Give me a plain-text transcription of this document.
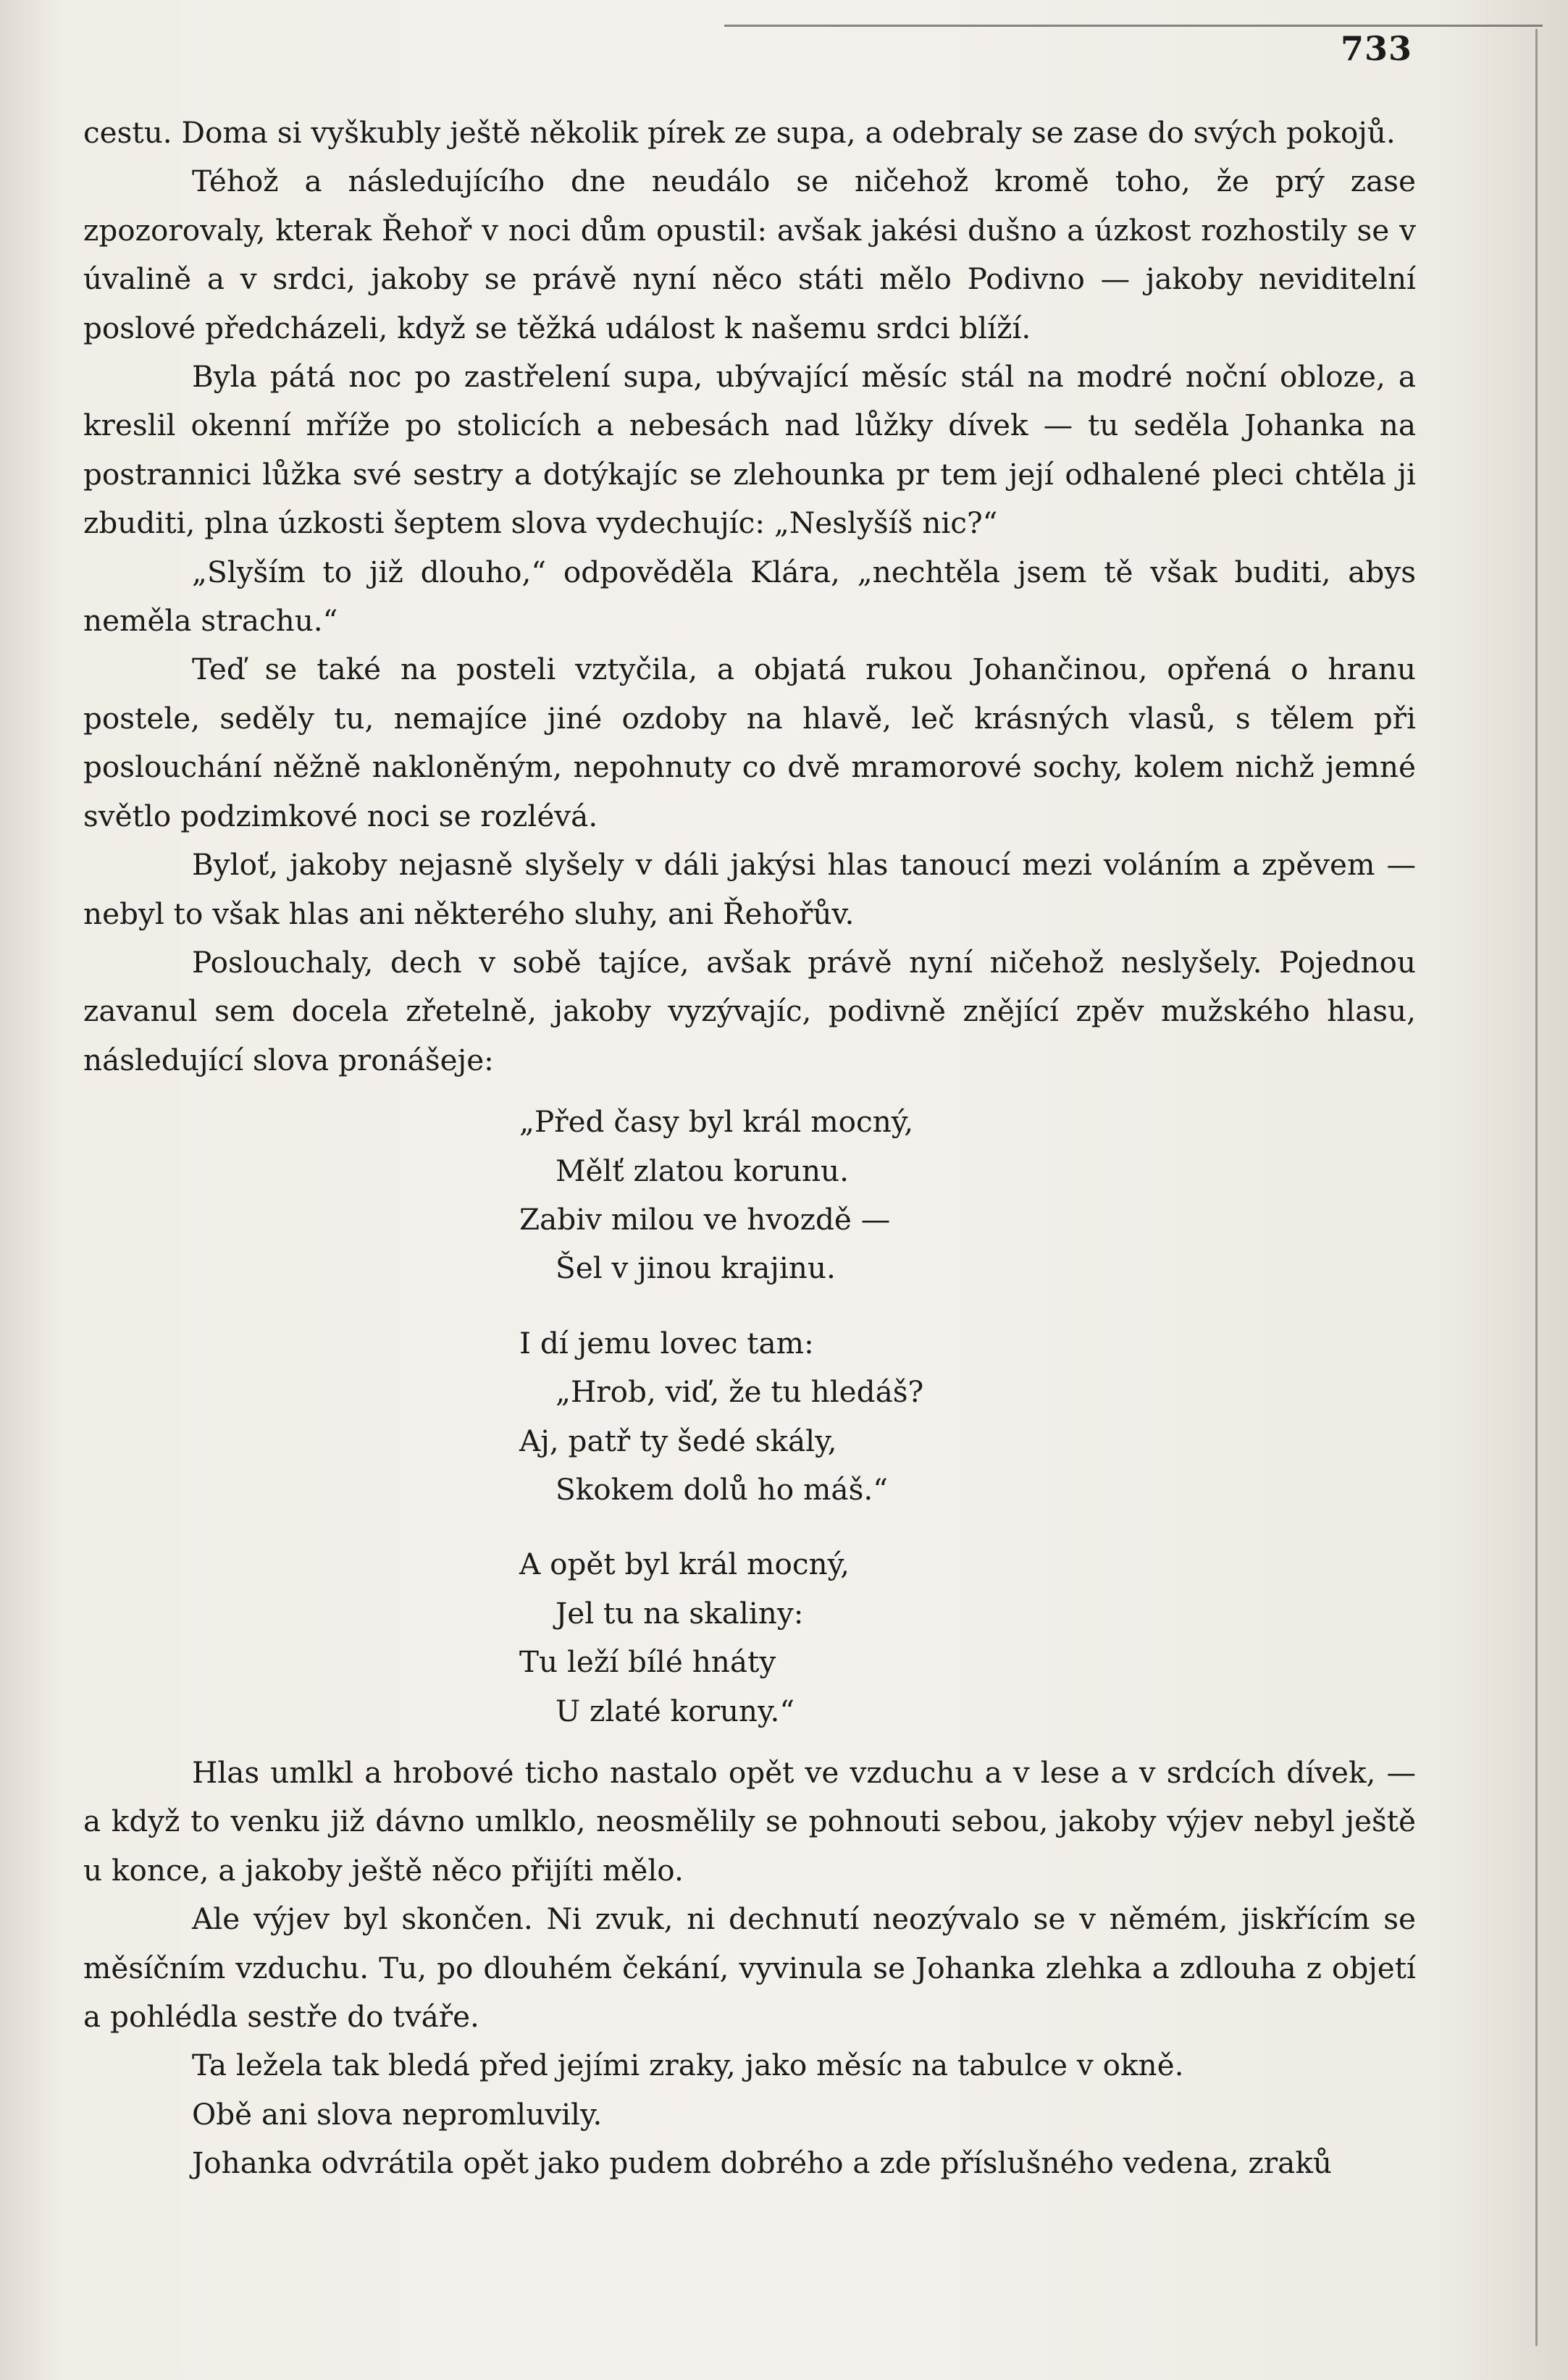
733

cestu. Doma si vyškubly ještě několik pírek ze supa, a odebraly se zase do svých pokojů.

Téhož a následujícího dne neudálo se ničehož kromě toho, že prý zase zpozorovaly, kterak Řehoř v noci dům opustil: avšak jakési dušno a úzkost rozhostily se v úvalině a v srdci, jakoby se právě nyní něco státi mělo Podivno — jakoby neviditelní poslové předcházeli, když se těžká událost k našemu srdci blíží.

Byla pátá noc po zastřelení supa, ubývající měsíc stál na modré noční obloze, a kreslil okenní mříže po stolicích a nebesách nad lůžky dívek — tu seděla Johanka na postrannici lůžka své sestry a dotýkajíc se zlehounka pr tem její odhalené pleci chtěla ji zbuditi, plna úzkosti šeptem slova vydechujíc: „Neslyšíš nic?“

„Slyším to již dlouho,“ odpověděla Klára, „nechtěla jsem tě však buditi, abys neměla strachu.“

Teď se také na posteli vztyčila, a objatá rukou Johančinou, opřená o hranu postele, seděly tu, nemajíce jiné ozdoby na hlavě, leč krásných vlasů, s tělem při poslouchání něžně nakloněným, nepohnuty co dvě mramorové sochy, kolem nichž jemné světlo podzimkové noci se rozlévá.

Byloť, jakoby nejasně slyšely v dáli jakýsi hlas tanoucí mezi voláním a zpěvem — nebyl to však hlas ani některého sluhy, ani Řehořův.

Poslouchaly, dech v sobě tajíce, avšak právě nyní ničehož neslyšely. Pojednou zavanul sem docela zřetelně, jakoby vyzývajíc, podivně znějící zpěv mužského hlasu, následující slova pronášeje:

„Před časy byl král mocný,
Mělť zlatou korunu.
Zabiv milou ve hvozdě —
Šel v jinou krajinu.
I dí jemu lovec tam:
„Hrob, viď, že tu hledáš?
Aj, patř ty šedé skály,
Skokem dolů ho máš.“
A opět byl král mocný,
Jel tu na skaliny:
Tu leží bílé hnáty
U zlaté koruny.“

Hlas umlkl a hrobové ticho nastalo opět ve vzduchu a v lese a v srdcích dívek, — a když to venku již dávno umlklo, neosmělily se pohnouti sebou, jakoby výjev nebyl ještě u konce, a jakoby ještě něco přijíti mělo.

Ale výjev byl skončen. Ni zvuk, ni dechnutí neozývalo se v němém, jiskřícím se měsíčním vzduchu. Tu, po dlouhém čekání, vyvinula se Johanka zlehka a zdlouha z objetí a pohlédla sestře do tváře.

Ta ležela tak bledá před jejími zraky, jako měsíc na tabulce v okně.

Obě ani slova nepromluvily.

Johanka odvrátila opět jako pudem dobrého a zde příslušného vedena, zraků
